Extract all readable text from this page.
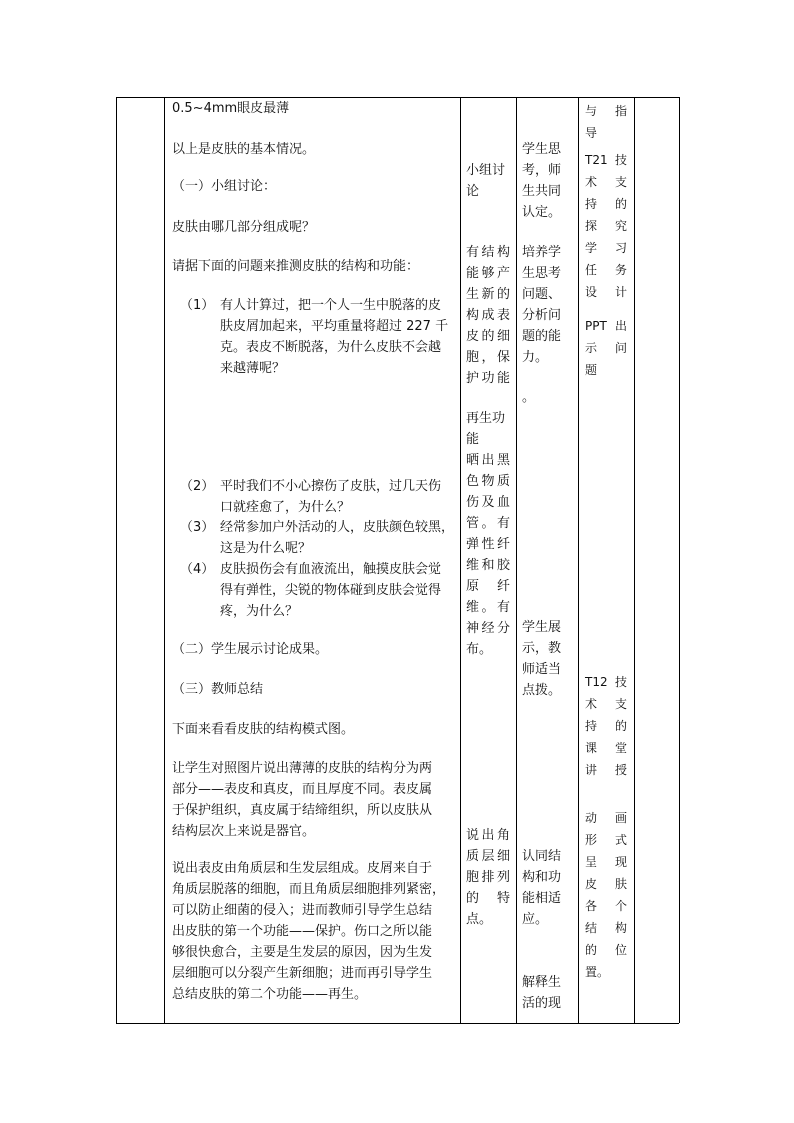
0.5~4mm眼皮最薄
以上是皮肤的基本情况。
（一）小组讨论：
皮肤由哪几部分组成呢？
请据下面的问题来推测皮肤的结构和功能：
（1） 有人计算过，把一个人一生中脱落的皮
肤皮屑加起来，平均重量将超过 227 千
克。表皮不断脱落，为什么皮肤不会越
来越薄呢？
（2） 平时我们不小心擦伤了皮肤，过几天伤
口就痊愈了，为什么？
（3） 经常参加户外活动的人，皮肤颜色较黑，
这是为什么呢？
（4） 皮肤损伤会有血液流出，触摸皮肤会觉
得有弹性，尖锐的物体碰到皮肤会觉得
疼，为什么？
（二）学生展示讨论成果。
（三）教师总结
下面来看看皮肤的结构模式图。
让学生对照图片说出薄薄的皮肤的结构分为两
部分——表皮和真皮，而且厚度不同。表皮属
于保护组织，真皮属于结缔组织，所以皮肤从
结构层次上来说是器官。
说出表皮由角质层和生发层组成。皮屑来自于
角质层脱落的细胞，而且角质层细胞排列紧密，
可以防止细菌的侵入；进而教师引导学生总结
出皮肤的第一个功能——保护。伤口之所以能
够很快愈合，主要是生发层的原因，因为生发
层细胞可以分裂产生新细胞；进而再引导学生
总结皮肤的第二个功能——再生。
小组讨
论
有结构
能够产
生新的
构成表
皮的细
胞，保
护功能
再生功
能
晒出黑
色物质
伤及血
管。有
弹性纤
维和胶
原　纤
维。有
神经分
布。
说出角
质层细
胞排列
的　特
点。
学生思
考，师
生共同
认定。
培养学
生思考
问题、
分析问
题的能
力。
。
学生展
示，教
师适当
点拨。
认同结
构和功
能相适
应。
解释生
活的现
与　指
导
T21 技
术　支
持　的
探　究
学　习
任　务
设　计
PPT 出
示　问
题
T12 技
术　支
持　的
课　堂
讲　授
动　画
形　式
呈　现
皮　肤
各　个
结　构
的　位
置。
